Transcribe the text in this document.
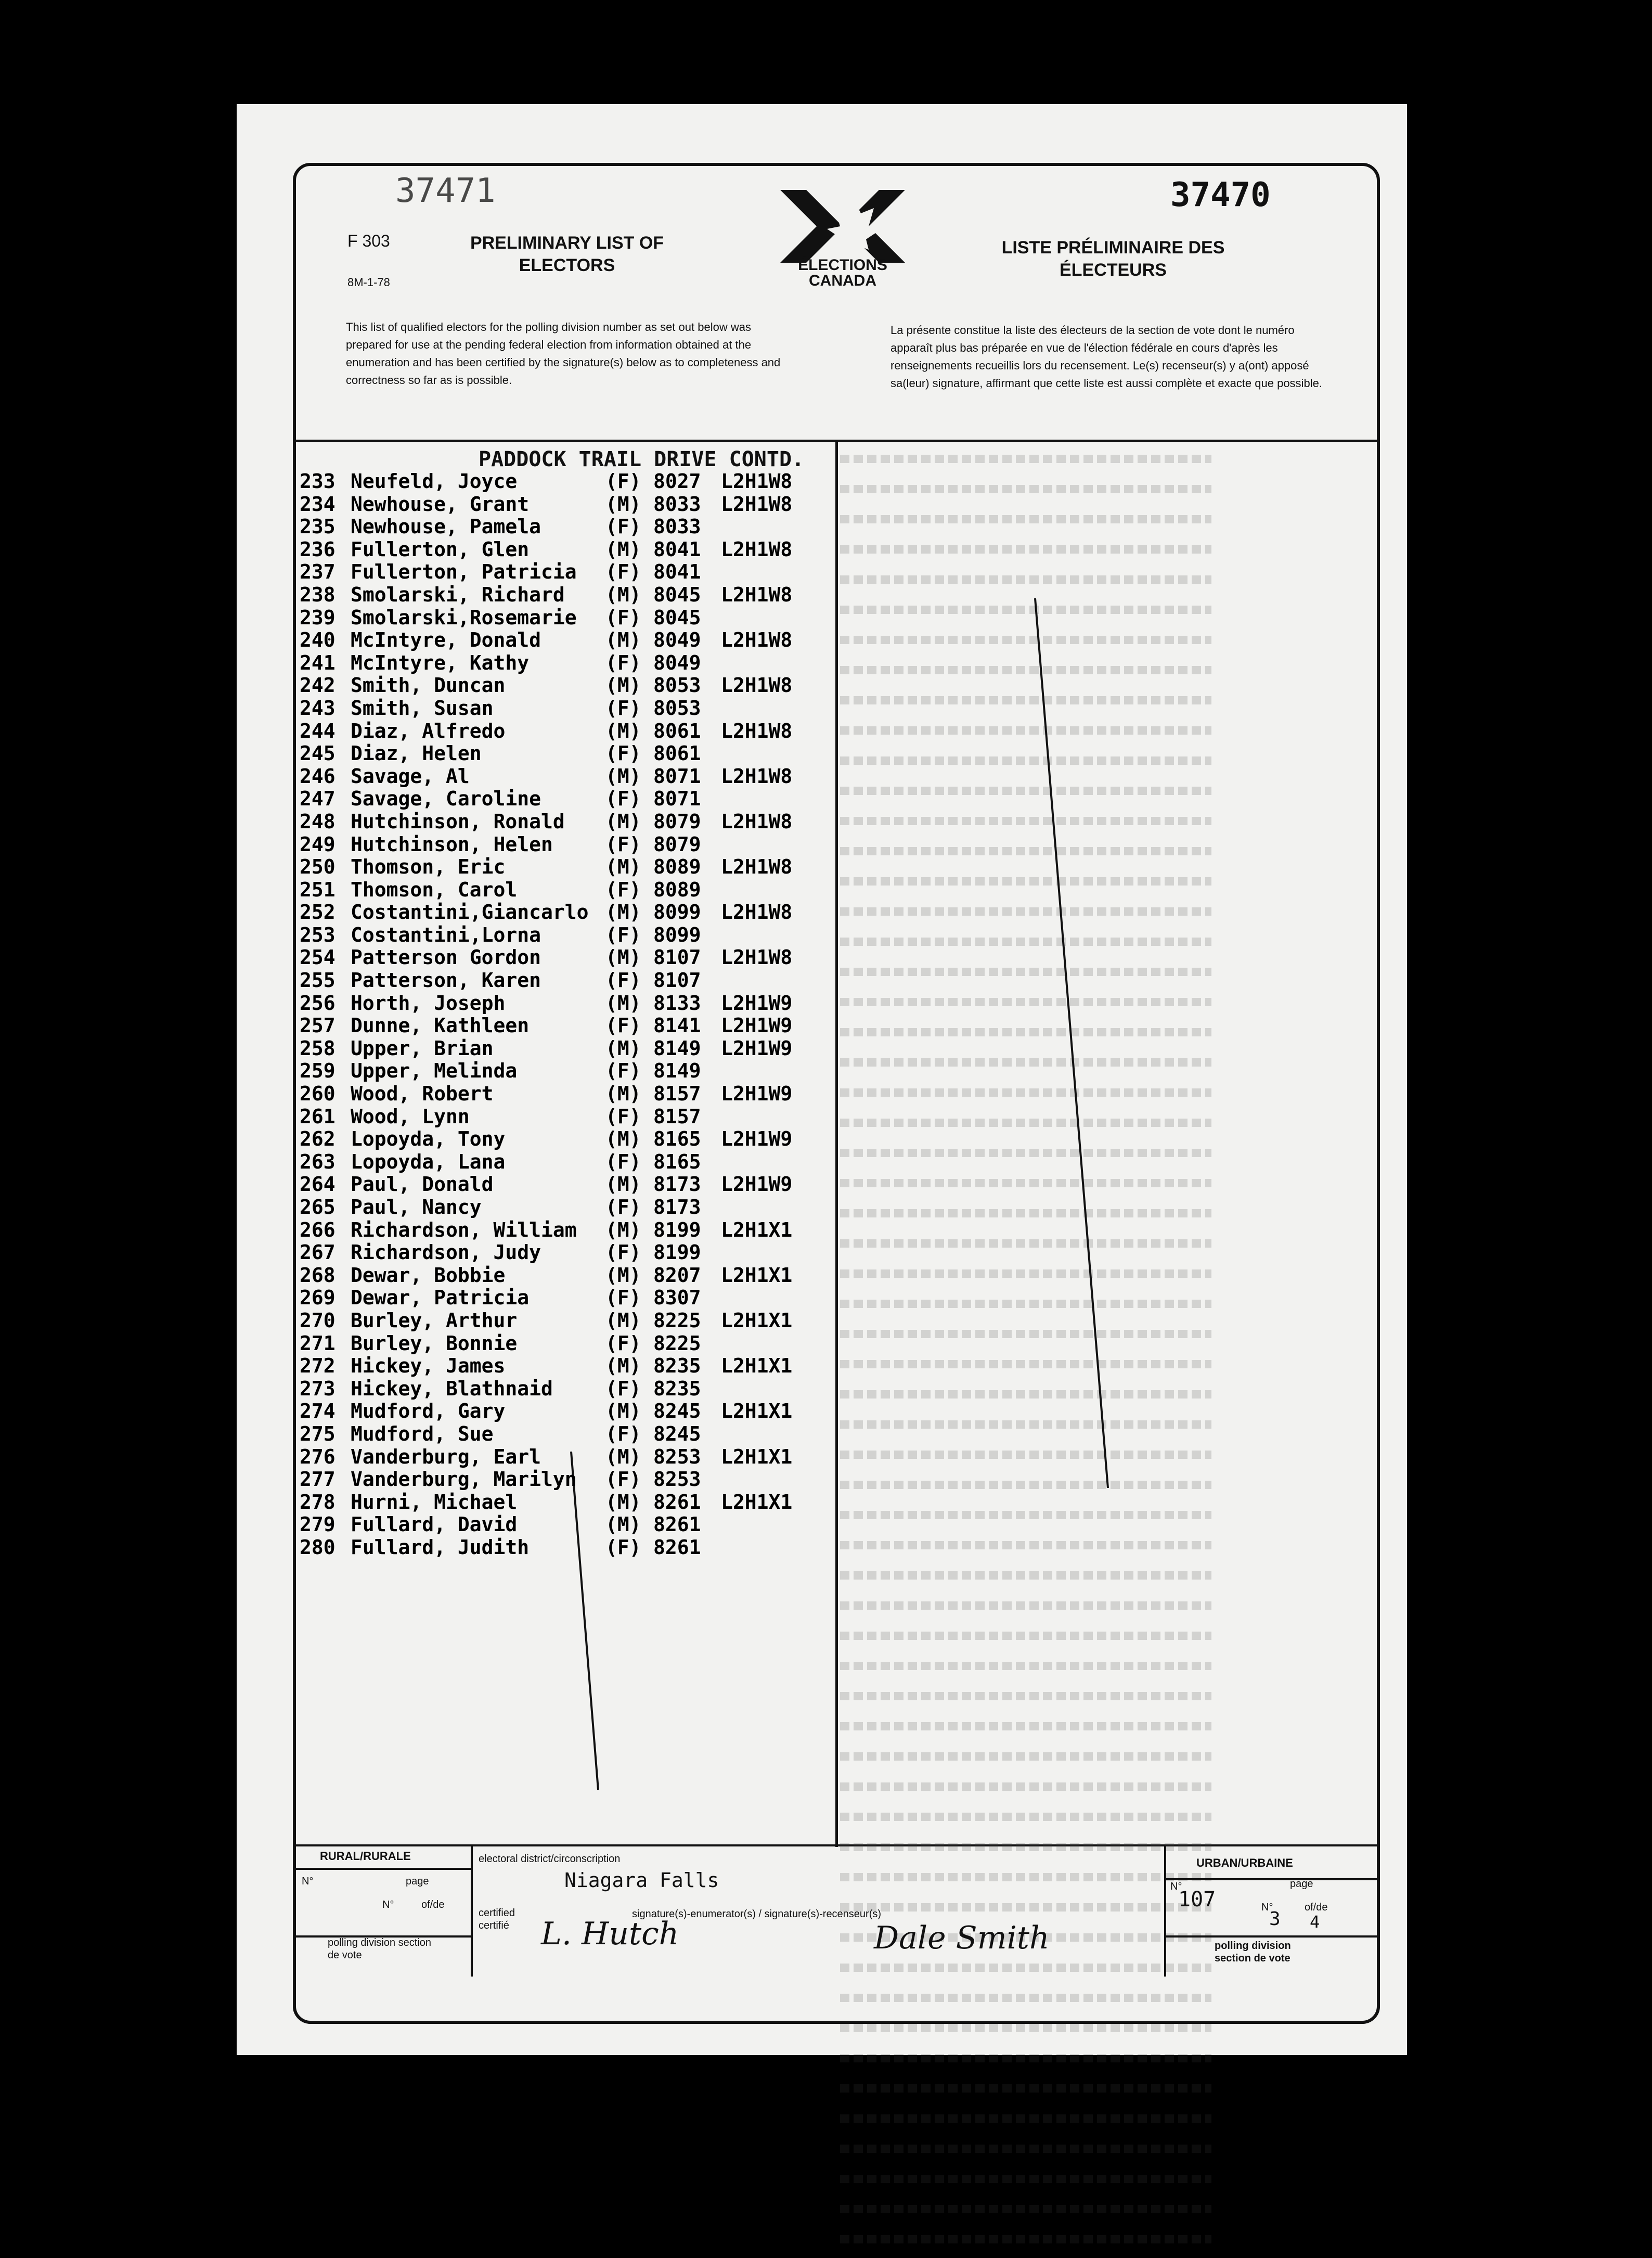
37471	37470
F 303
8M-1-78
PRELIMINARY LIST OF ELECTORS	ÉLECTIONS CANADA
LISTE PRÉLIMINAIRE DES ÉLECTEURS
This list of qualified electors for the polling division number as set out below was prepared for use at the pending federal election from information obtained at the enumeration and has been certified by the signature(s) below as to completeness and correctness so far as is possible.
La présente constitue la liste des électeurs de la section de vote dont le numéro apparaît plus bas préparée en vue de l'élection fédérale en cours d'après les renseignements recueillis lors du recensement. Le(s) recenseur(s) y a(ont) apposé sa(leur) signature, affirmant que cette liste est aussi complète et exacte que possible.
PADDOCK TRAIL DRIVE CONTD.
233 Neufeld, Joyce	(F) 8027 L2H1W8
234 Newhouse, Grant	(M) 8033 L2H1W8
235 Newhouse, Pamela	(F) 8033
236 Fullerton, Glen	(M) 8041 L2H1W8
237 Fullerton, Patricia (F) 8041
238 Smolarski, Richard (M) 8045 L2H1W8
239 Smolarski,Rosemarie (F) 8045
240 McIntyre, Donald	(M) 8049 L2H1W8
241 McIntyre, Kathy	(F) 8049
242 Smith, Duncan	(M) 8053 L2H1W8
243 Smith, Susan	(F) 8053
244 Diaz, Alfredo	(M) 8061 L2H1W8
245 Diaz, Helen	(F) 8061
246 Savage, Al	(M) 8071 L2H1W8
247 Savage, Caroline	(F) 8071
248 Hutchinson, Ronald (M) 8079 L2H1W8
249 Hutchinson, Helen	(F) 8079
250 Thomson, Eric	(M) 8089 L2H1W8
251 Thomson, Carol	(F) 8089
252 Costantini,Giancarlo (M) 8099 L2H1W8
253 Costantini,Lorna	(F) 8099
254 Patterson Gordon	(M) 8107 L2H1W8
255 Patterson, Karen	(F) 8107
256 Horth, Joseph	(M) 8133 L2H1W9
257 Dunne, Kathleen	(F) 8141 L2H1W9
258 Upper, Brian	(M) 8149 L2H1W9
259 Upper, Melinda	(F) 8149
260 Wood, Robert	(M) 8157 L2H1W9
261 Wood, Lynn	(F) 8157
262 Lopoyda, Tony	(M) 8165 L2H1W9
263 Lopoyda, Lana	(F) 8165
264 Paul, Donald	(M) 8173 L2H1W9
265 Paul, Nancy	(F) 8173
266 Richardson, William (M) 8199 L2H1X1
267 Richardson, Judy	(F) 8199
268 Dewar, Bobbie	(M) 8207 L2H1X1
269 Dewar, Patricia	(F) 8307
270 Burley, Arthur	(M) 8225 L2H1X1
271 Burley, Bonnie	(F) 8225
272 Hickey, James	(M) 8235 L2H1X1
273 Hickey, Blathnaid	(F) 8235
274 Mudford, Gary	(M) 8245 L2H1X1
275 Mudford, Sue	(F) 8245
276 Vanderburg, Earl	(M) 8253 L2H1X1
277 Vanderburg, Marilyn (F) 8253
278 Hurni, Michael	(M) 8261 L2H1X1
279 Fullard, David	(M) 8261
280 Fullard, Judith	(F) 8261
RURAL/RURALE
N°	page
N°	of/de
polling division section de vote
electoral district/circonscription
Niagara Falls
certified certifié
signature(s)-enumerator(s) / signature(s)-recenseur(s)
L. Hutch	Dale Smith
URBAN/URBAINE
N°	page
107	N°
3
of/de
4
polling division section de vote
